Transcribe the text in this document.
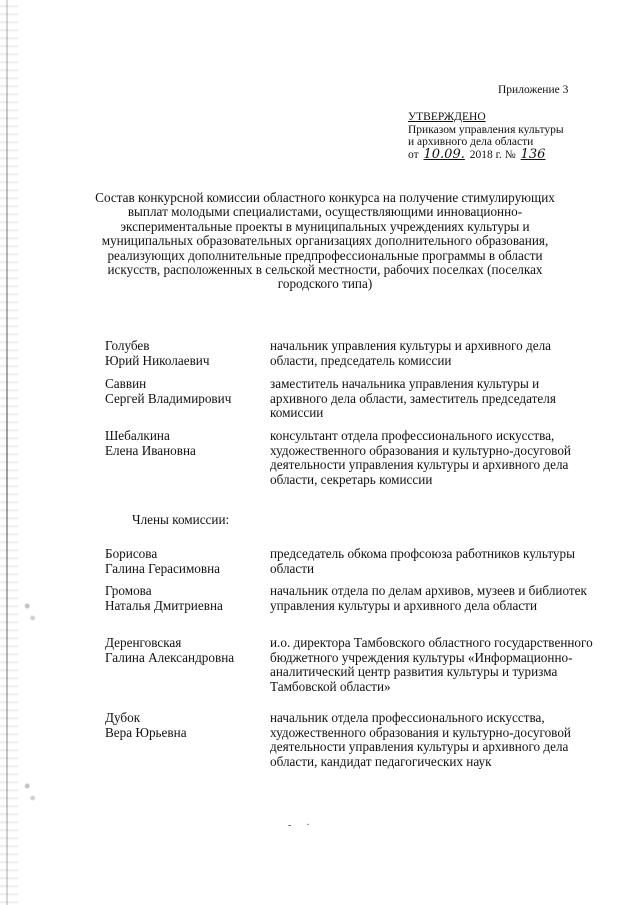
Приложение 3
УТВЕРЖДЕНО
Приказом управления культуры
и архивного дела области
от 10.09. 2018 г. № 136
Состав конкурсной комиссии областного конкурса на получение стимулирующих выплат молодыми специалистами, осуществляющими инновационно-экспериментальные проекты в муниципальных учреждениях культуры и муниципальных образовательных организациях дополнительного образования, реализующих дополнительные предпрофессиональные программы в области искусств, расположенных в сельской местности, рабочих поселках (поселках городского типа)
Голубев
Юрий Николаевич
начальник управления культуры и архивного дела области, председатель комиссии
Саввин
Сергей Владимирович
заместитель начальника управления культуры и архивного дела области, заместитель председателя комиссии
Шебалкина
Елена Ивановна
консультант отдела профессионального искусства, художественного образования и культурно-досуговой деятельности управления культуры и архивного дела области, секретарь комиссии
Члены комиссии:
Борисова
Галина Герасимовна
председатель обкома профсоюза работников культуры области
Громова
Наталья Дмитриевна
начальник отдела по делам архивов, музеев и библиотек управления культуры и архивного дела области
Деренговская
Галина Александровна
и.о. директора Тамбовского областного государственного бюджетного учреждения культуры «Информационно-аналитический центр развития культуры и туризма Тамбовской области»
Дубок
Вера Юрьевна
начальник отдела профессионального искусства, художественного образования и культурно-досуговой деятельности управления культуры и архивного дела области, кандидат педагогических наук
-      ·
